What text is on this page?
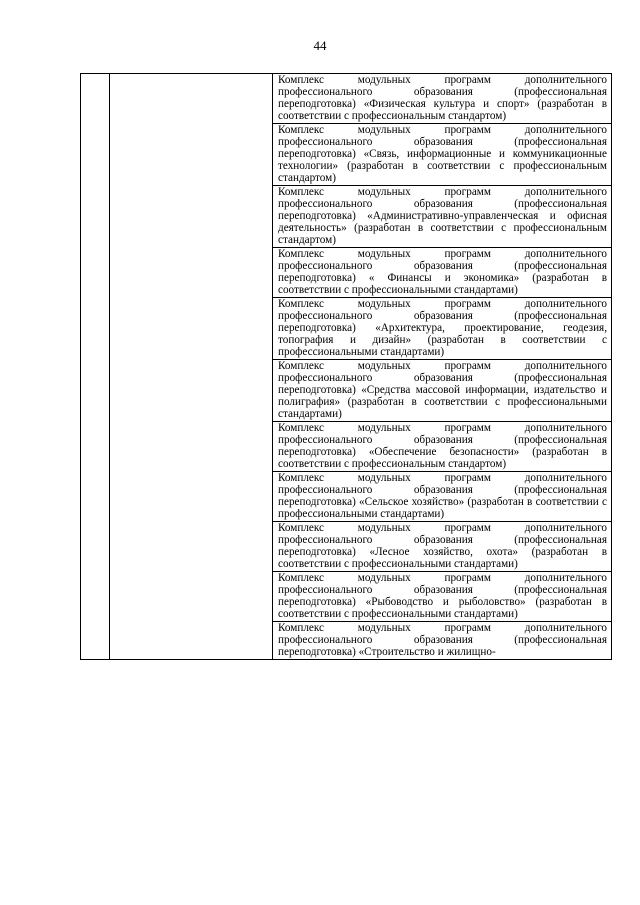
44

Комплекс модульных программ дополнительного профессионального образования (профессиональная переподготовка) «Физическая культура и спорт» (разработан в соответствии с профессиональным стандартом)
Комплекс модульных программ дополнительного профессионального образования (профессиональная переподготовка) «Связь, информационные и коммуникационные технологии» (разработан в соответствии с профессиональным стандартом)
Комплекс модульных программ дополнительного профессионального образования (профессиональная переподготовка) «Административно-управленческая и офисная деятельность» (разработан в соответствии с профессиональным стандартом)
Комплекс модульных программ дополнительного профессионального образования (профессиональная переподготовка) « Финансы и экономика» (разработан в соответствии с профессиональными стандартами)
Комплекс модульных программ дополнительного профессионального образования (профессиональная переподготовка) «Архитектура, проектирование, геодезия, топография и дизайн» (разработан в соответствии с профессиональными стандартами)
Комплекс модульных программ дополнительного профессионального образования (профессиональная переподготовка) «Средства массовой информации, издательство и полиграфия» (разработан в соответствии с профессиональными стандартами)
Комплекс модульных программ дополнительного профессионального образования (профессиональная переподготовка) «Обеспечение безопасности» (разработан в соответствии с профессиональным стандартом)
Комплекс модульных программ дополнительного профессионального образования (профессиональная переподготовка) «Сельское хозяйство» (разработан в соответствии с профессиональными стандартами)
Комплекс модульных программ дополнительного профессионального образования (профессиональная переподготовка) «Лесное хозяйство, охота» (разработан в соответствии с профессиональными стандартами)
Комплекс модульных программ дополнительного профессионального образования (профессиональная переподготовка) «Рыбоводство и рыболовство» (разработан в соответствии с профессиональными стандартами)
Комплекс модульных программ дополнительного профессионального образования (профессиональная переподготовка) «Строительство и жилищно-
